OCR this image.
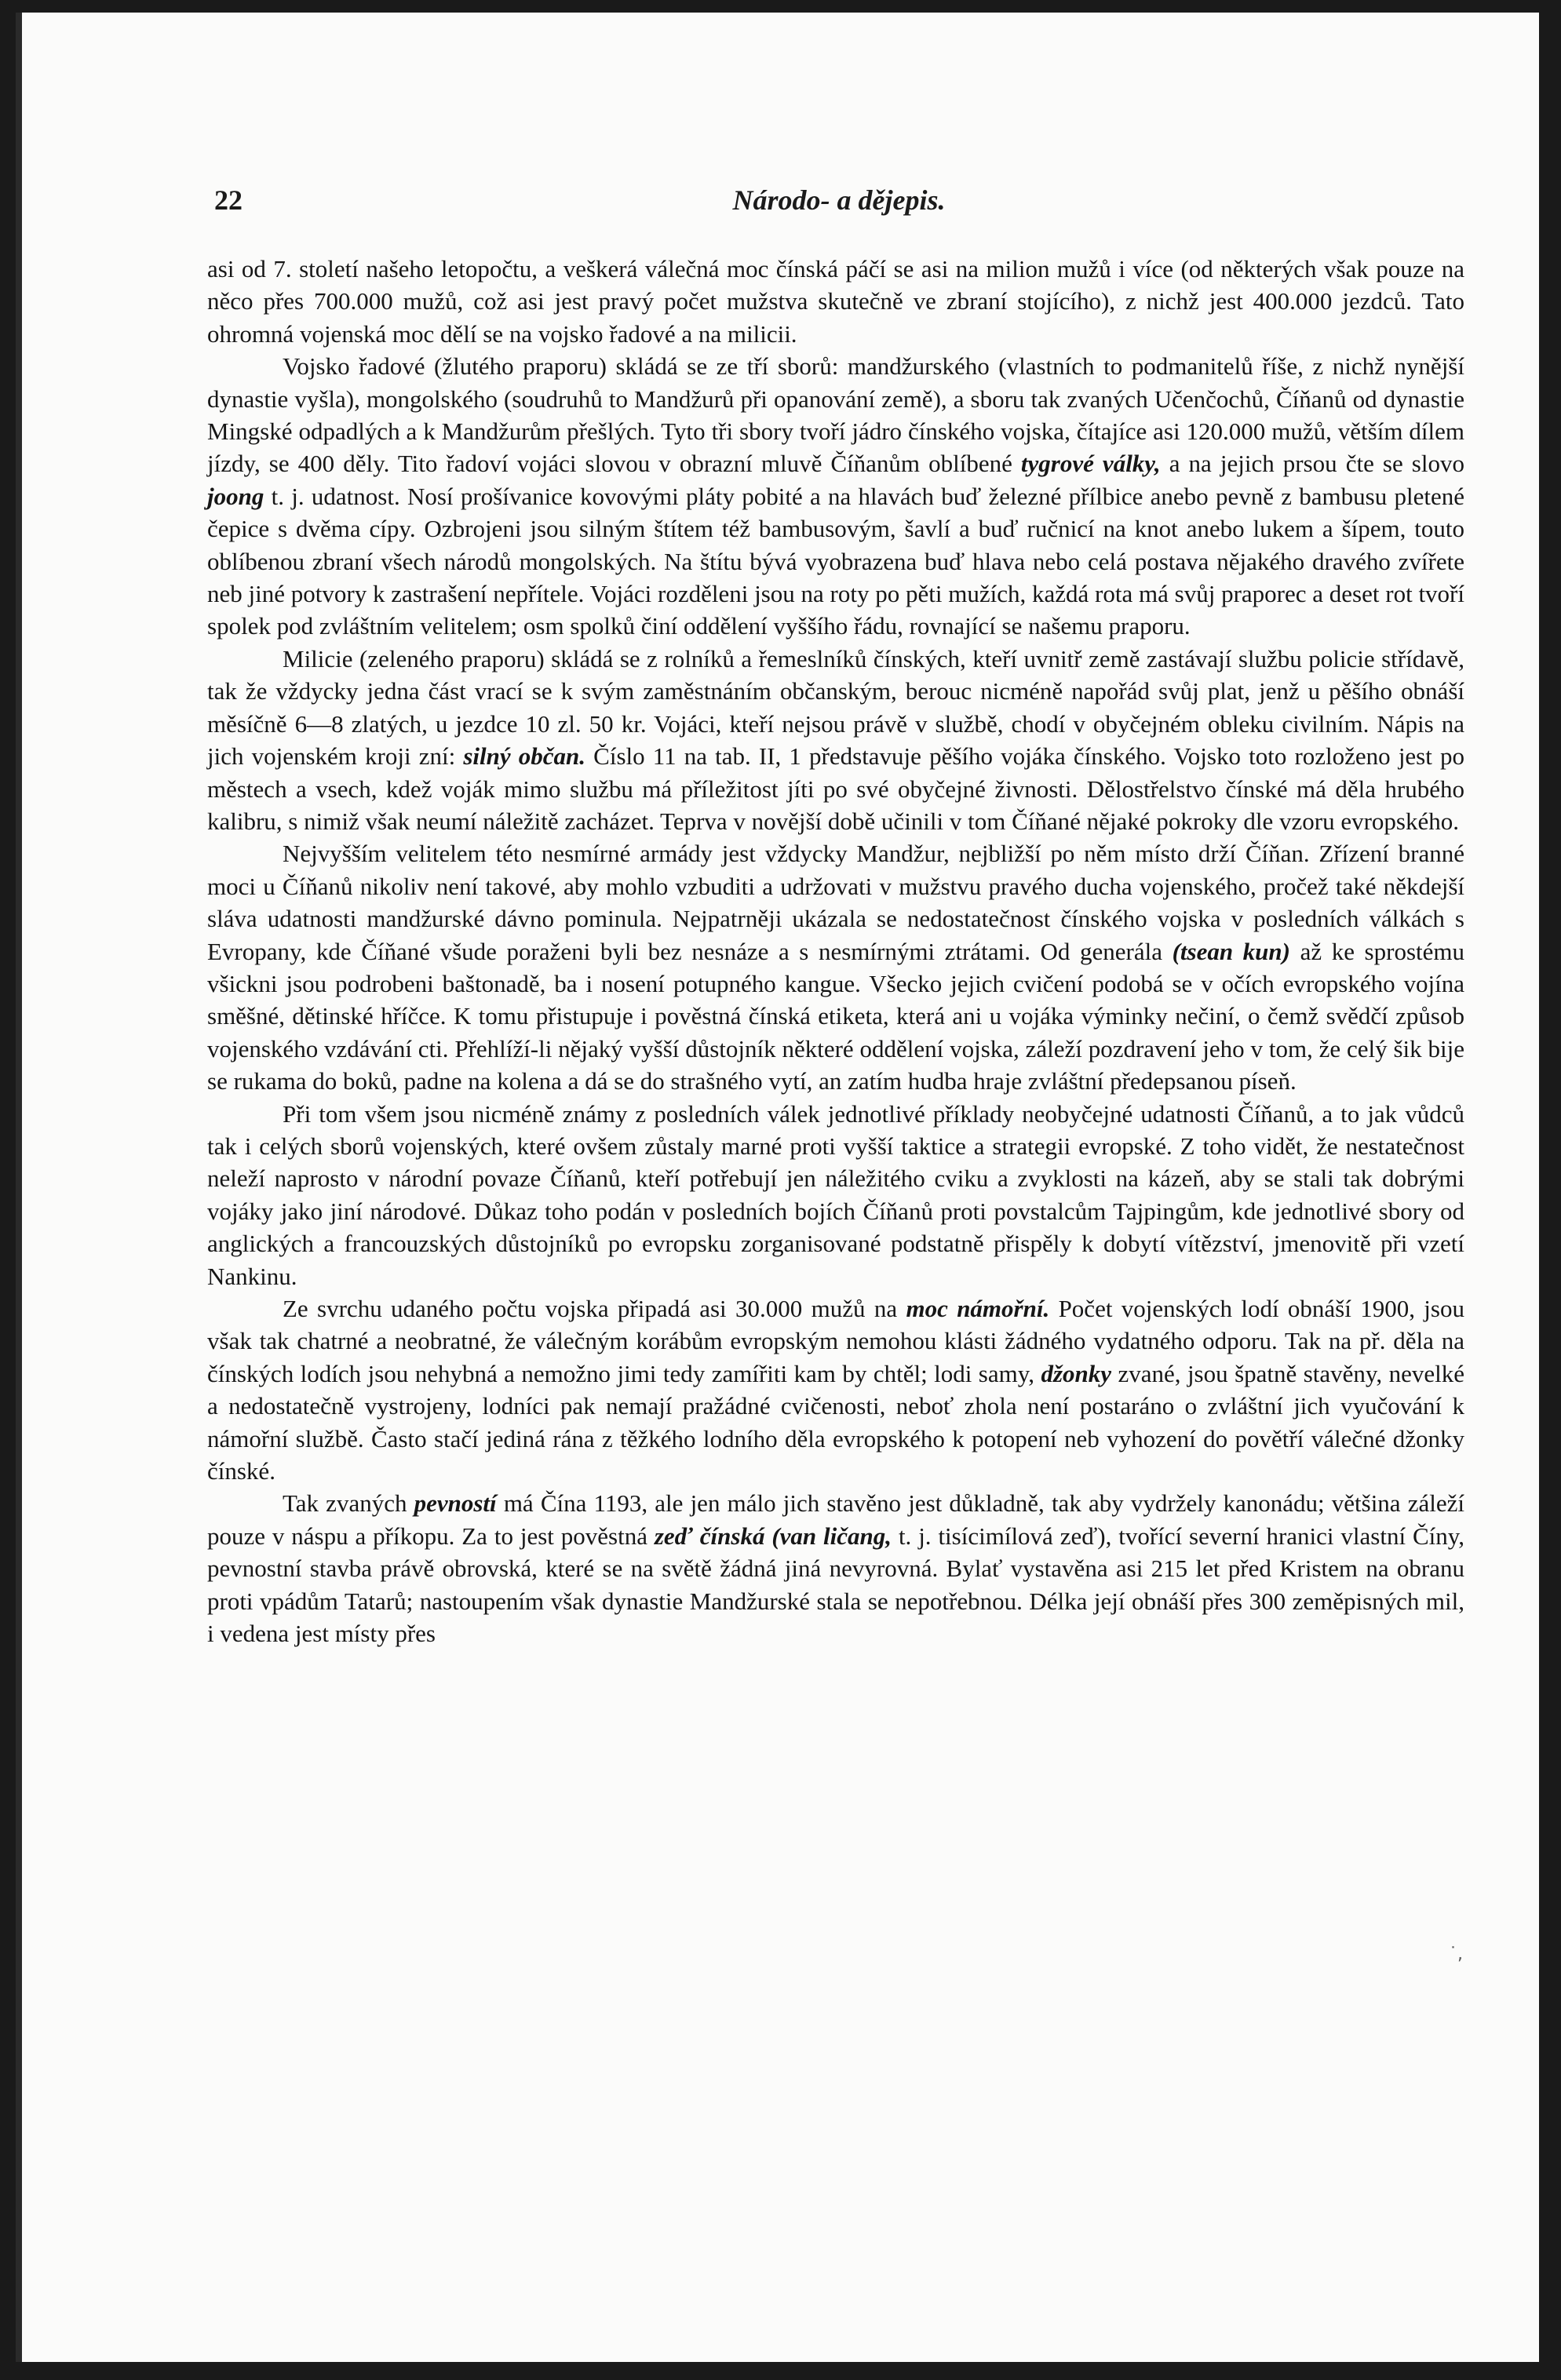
22	Národo- a dějepis.

asi od 7. století našeho letopočtu, a veškerá válečná moc čínská páčí se asi na milion mužů i více (od některých však pouze na něco přes 700.000 mužů, což asi jest pravý počet mužstva skutečně ve zbraní stojícího), z nichž jest 400.000 jezdců. Tato ohromná vojenská moc dělí se na vojsko řadové a na milicii.

Vojsko řadové (žlutého praporu) skládá se ze tří sborů: mandžurského (vlastních to podmanitelů říše, z nichž nynější dynastie vyšla), mongolského (soudruhů to Mandžurů při opanování země), a sboru tak zvaných Učenčochů, Číňanů od dynastie Mingské odpadlých a k Mandžurům přešlých. Tyto tři sbory tvoří jádro čínského vojska, čítajíce asi 120.000 mužů, větším dílem jízdy, se 400 děly. Tito řadoví vojáci slovou v obrazní mluvě Číňanům oblíbené tygrové války, a na jejich prsou čte se slovo joong t. j. udatnost. Nosí prošívanice kovovými pláty pobité a na hlavách buď železné přílbice anebo pevně z bambusu pletené čepice s dvěma cípy. Ozbrojeni jsou silným štítem též bambusovým, šavlí a buď ručnicí na knot anebo lukem a šípem, touto oblíbenou zbraní všech národů mongolských. Na štítu bývá vyobrazena buď hlava nebo celá postava nějakého dravého zvířete neb jiné potvory k zastrašení nepřítele. Vojáci rozděleni jsou na roty po pěti mužích, každá rota má svůj praporec a deset rot tvoří spolek pod zvláštním velitelem; osm spolků činí oddělení vyššího řádu, rovnající se našemu praporu.

Milicie (zeleného praporu) skládá se z rolníků a řemeslníků čínských, kteří uvnitř země zastávají službu policie střídavě, tak že vždycky jedna část vrací se k svým zaměstnáním občanským, berouc nicméně napořád svůj plat, jenž u pěšího obnáší měsíčně 6—8 zlatých, u jezdce 10 zl. 50 kr. Vojáci, kteří nejsou právě v službě, chodí v obyčejném obleku civilním. Nápis na jich vojenském kroji zní: silný občan. Číslo 11 na tab. II, 1 představuje pěšího vojáka čínského. Vojsko toto rozloženo jest po městech a vsech, kdež voják mimo službu má příležitost jíti po své obyčejné živnosti. Dělostřelstvo čínské má děla hrubého kalibru, s nimiž však neumí náležitě zacházet. Teprva v novější době učinili v tom Číňané nějaké pokroky dle vzoru evropského.

Nejvyšším velitelem této nesmírné armády jest vždycky Mandžur, nejbližší po něm místo drží Číňan. Zřízení branné moci u Číňanů nikoliv není takové, aby mohlo vzbuditi a udržovati v mužstvu pravého ducha vojenského, pročež také někdejší sláva udatnosti mandžurské dávno pominula. Nejpatrněji ukázala se nedostatečnost čínského vojska v posledních válkách s Evropany, kde Číňané všude poraženi byli bez nesnáze a s nesmírnými ztrátami. Od generála (tsean kun) až ke sprostému všickni jsou podrobeni baštonadě, ba i nosení potupného kangue. Všecko jejich cvičení podobá se v očích evropského vojína směšné, dětinské hříčce. K tomu přistupuje i pověstná čínská etiketa, která ani u vojáka výminky nečiní, o čemž svědčí způsob vojenského vzdávání cti. Přehlíží-li nějaký vyšší důstojník některé oddělení vojska, záleží pozdravení jeho v tom, že celý šik bije se rukama do boků, padne na kolena a dá se do strašného vytí, an zatím hudba hraje zvláštní předepsanou píseň.

Při tom všem jsou nicméně známy z posledních válek jednotlivé příklady neobyčejné udatnosti Číňanů, a to jak vůdců tak i celých sborů vojenských, které ovšem zůstaly marné proti vyšší taktice a strategii evropské. Z toho vidět, že nestatečnost neleží naprosto v národní povaze Číňanů, kteří potřebují jen náležitého cviku a zvyklosti na kázeň, aby se stali tak dobrými vojáky jako jiní národové. Důkaz toho podán v posledních bojích Číňanů proti povstalcům Tajpingům, kde jednotlivé sbory od anglických a francouzských důstojníků po evropsku zorganisované podstatně přispěly k dobytí vítězství, jmenovitě při vzetí Nankinu.

Ze svrchu udaného počtu vojska připadá asi 30.000 mužů na moc námořní. Počet vojenských lodí obnáší 1900, jsou však tak chatrné a neobratné, že válečným korábům evropským nemohou klásti žádného vydatného odporu. Tak na př. děla na čínských lodích jsou nehybná a nemožno jimi tedy zamířiti kam by chtěl; lodi samy, džonky zvané, jsou špatně stavěny, nevelké a nedostatečně vystrojeny, lodníci pak nemají pražádné cvičenosti, neboť zhola není postaráno o zvláštní jich vyučování k námořní službě. Často stačí jediná rána z těžkého lodního děla evropského k potopení neb vyhození do povětří válečné džonky čínské.

Tak zvaných pevností má Čína 1193, ale jen málo jich stavěno jest důkladně, tak aby vydržely kanonádu; většina záleží pouze v náspu a příkopu. Za to jest pověstná zeď čínská (van ličang, t. j. tisícimílová zeď), tvořící severní hranici vlastní Číny, pevnostní stavba právě obrovská, které se na světě žádná jiná nevyrovná. Bylať vystavěna asi 215 let před Kristem na obranu proti vpádům Tatarů; nastoupením však dynastie Mandžurské stala se nepotřebnou. Délka její obnáší přes 300 zeměpisných mil, i vedena jest místy přes

˙,
